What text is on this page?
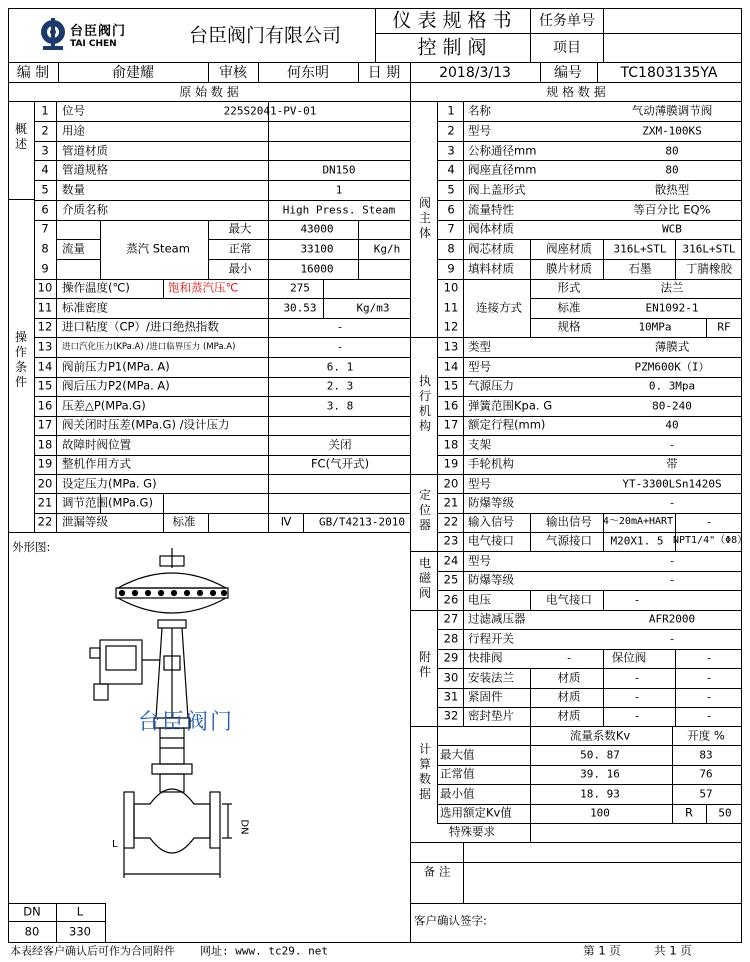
台臣阀门
TAI CHEN	台臣阀门有限公司
仪 表 规 格 书
控 制 阀
任务单号
项目
编 制	俞建耀	审核	何东明	日 期	2018/3/13	编号	TC1803135YA
原 始 数 据	规 格 数 据
概述
操作条件
1 位号	225S2041-PV-01
2 用途
3 管道材质
4 管道规格	DN150
5 数量	1
6 介质名称	High Press. Steam
7	最大	43000
8 流量	蒸汽 Steam	正常	33100	Kg/h
9	最小	16000
10 操作温度(℃)	饱和蒸汽压℃	275
11 标准密度	30.53	Kg/m3
12 进口粘度（CP）/进口绝热指数	-
13 进口汽化压力(KPa.A) /进口临界压力 (MPa.A)	-
14 阀前压力P1(MPa. A)	6. 1
15 阀后压力P2(MPa. A)	2. 3
16 压差△P(MPa.G)	3. 8
17 阀关闭时压差(MPa.G) /设计压力
18 故障时阀位置	关闭
19 整机作用方式	FC(气开式)
20 设定压力(MPa. G)
21 调节范围(MPa.G)
22 泄漏等级	标准	Ⅳ	GB/T4213-2010
外形图:
L
DN
台臣阀门
DN	L
80	330
阀主体
执行机构
定位器
电磁阀
附件
计算数据
1 名称	气动薄膜调节阀
2 型号	ZXM-100KS
3 公称通径mm	80
4 阀座直径mm	80
5 阀上盖形式	散热型
6 流量特性	等百分比 EQ%
7 阀体材质	WCB
8 阀芯材质	阀座材质 316L+STL 316L+STL
9 填料材质	膜片材质	石墨	丁腈橡胶
10	形式	法兰
11 连接方式	标准	EN1092-1
12	规格	10MPa	RF
13 类型	薄膜式
14 型号	PZM600K（I）
15 气源压力	0. 3Mpa
16 弹簧范围Kpa. G	80-240
17 额定行程(mm)	40
18 支架	-
19 手轮机构	带
20 型号	YT-3300LSn1420S
21 防爆等级	-
22 输入信号	输出信号 4～20mA+HART	-
23 电气接口	气源接口 M20X1. 5 NPT1/4"（Φ8）
24 型号	-
25 防爆等级	-
26 电压	电气接口	-
27 过滤减压器	AFR2000
28 行程开关	-
29 快排阀	-	保位阀	-
30 安装法兰	材质	-	-
31 紧固件	材质	-	-
32 密封垫片	材质	-	-
流量系数Kv	开度 %
最大值	50. 87	83
正常值	39. 16	76
最小值	18. 93	57
选用额定Kv值	100	R 50
特殊要求
备 注
客户确认签字:
本表经客户确认后可作为合同附件 网址: www. tc29. net	第 1 页	共 1 页
